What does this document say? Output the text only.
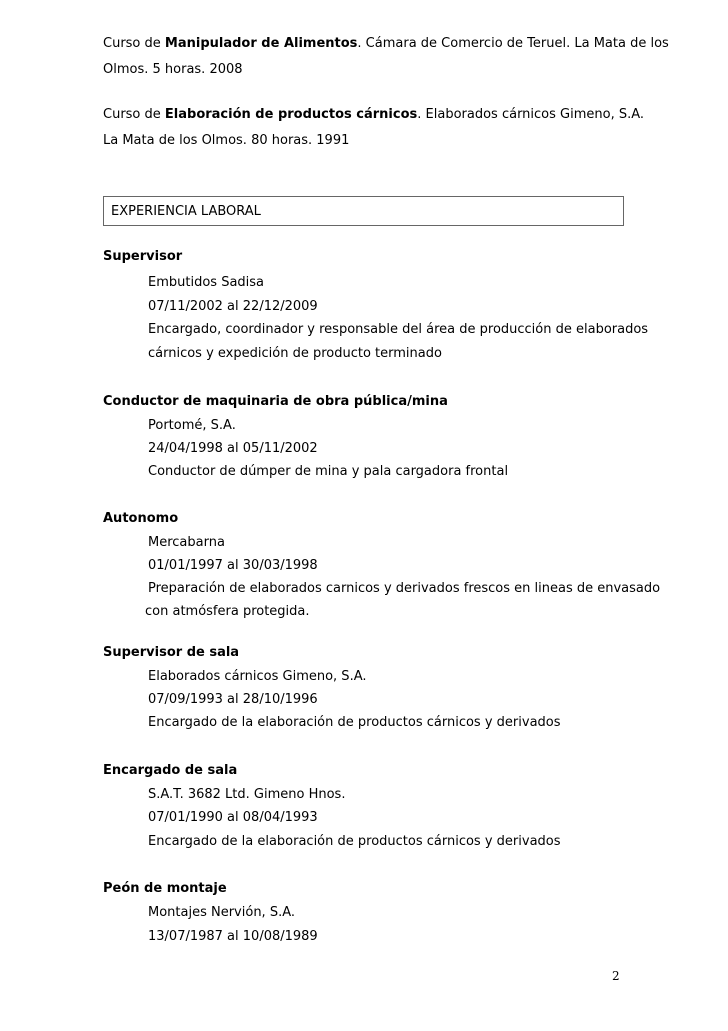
Curso de Manipulador de Alimentos. Cámara de Comercio de Teruel. La Mata de los
Olmos. 5 horas. 2008
Curso de Elaboración de productos cárnicos. Elaborados cárnicos Gimeno, S.A.
La Mata de los Olmos. 80 horas. 1991
EXPERIENCIA LABORAL
Supervisor
Embutidos Sadisa
07/11/2002 al 22/12/2009
Encargado, coordinador y responsable del área de producción de elaborados
cárnicos y expedición de producto terminado
Conductor de maquinaria de obra pública/mina
Portomé, S.A.
24/04/1998 al 05/11/2002
Conductor de dúmper de mina y pala cargadora frontal
Autonomo
Mercabarna
01/01/1997 al 30/03/1998
Preparación de elaborados carnicos y derivados frescos en lineas de envasado
con atmósfera protegida.
Supervisor de sala
Elaborados cárnicos Gimeno, S.A.
07/09/1993 al 28/10/1996
Encargado de la elaboración de productos cárnicos y derivados
Encargado de sala
S.A.T. 3682 Ltd. Gimeno Hnos.
07/01/1990 al 08/04/1993
Encargado de la elaboración de productos cárnicos y derivados
Peón de montaje
Montajes Nervión, S.A.
13/07/1987 al 10/08/1989
2
